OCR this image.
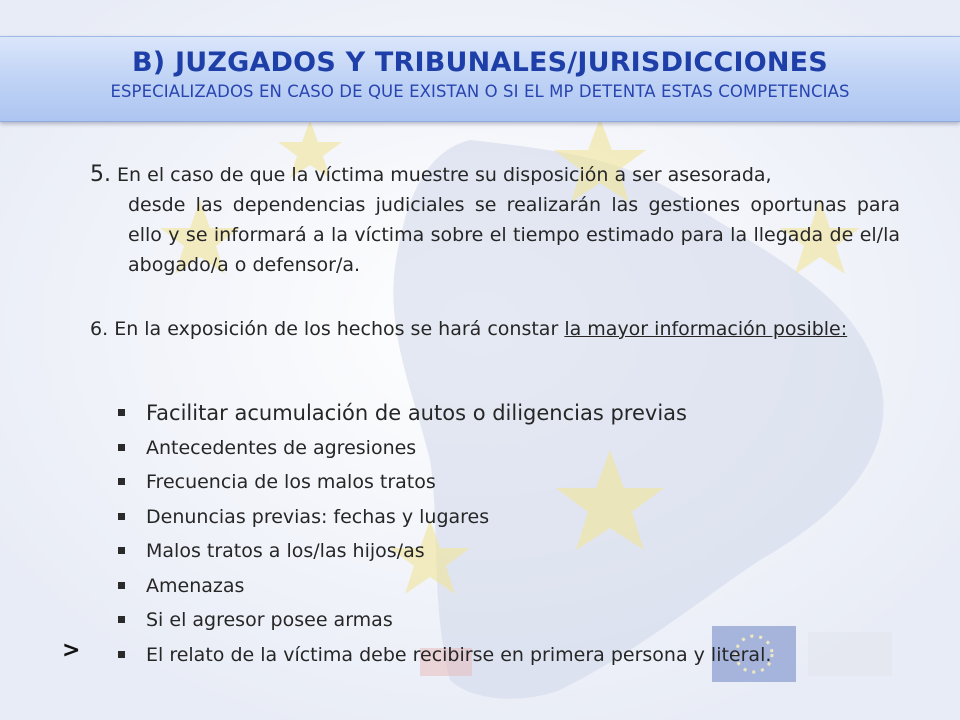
B) JUZGADOS Y TRIBUNALES/JURISDICCIONES
ESPECIALIZADOS EN CASO DE QUE EXISTAN O SI EL MP DETENTA ESTAS COMPETENCIAS
5. En el caso de que la víctima muestre su disposición a ser asesorada,
desde las dependencias judiciales se realizarán las gestiones oportunas para ello y se informará a la víctima sobre el tiempo estimado para la llegada de el/la abogado/a o defensor/a.
6. En la exposición de los hechos se hará constar la mayor información posible:
Facilitar acumulación de autos o diligencias previas
Antecedentes de agresiones
Frecuencia de los malos tratos
Denuncias previas: fechas y lugares
Malos tratos a los/las hijos/as
Amenazas
Si el agresor posee armas
El relato de la víctima debe recibirse en primera persona y literal.
>
